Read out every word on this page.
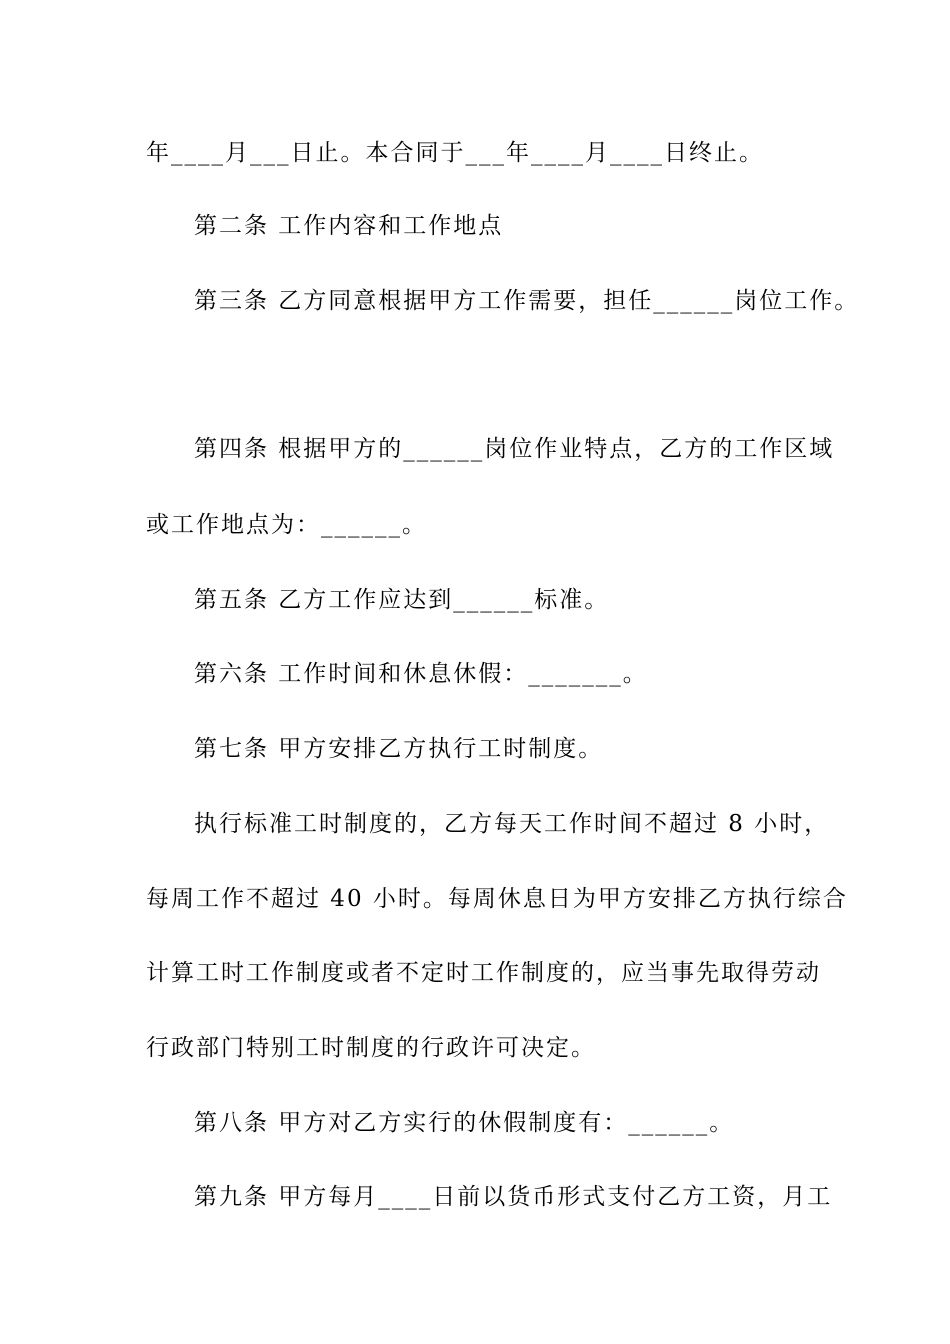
年____月___日止。本合同于___年____月____日终止。
第二条 工作内容和工作地点
第三条 乙方同意根据甲方工作需要，担任______岗位工作。
第四条 根据甲方的______岗位作业特点，乙方的工作区域
或工作地点为：______。
第五条 乙方工作应达到______标准。
第六条 工作时间和休息休假：_______。
第七条 甲方安排乙方执行工时制度。
执行标准工时制度的，乙方每天工作时间不超过 8 小时，
每周工作不超过 40 小时。每周休息日为甲方安排乙方执行综合
计算工时工作制度或者不定时工作制度的，应当事先取得劳动
行政部门特别工时制度的行政许可决定。
第八条 甲方对乙方实行的休假制度有：______。
第九条 甲方每月____日前以货币形式支付乙方工资，月工
